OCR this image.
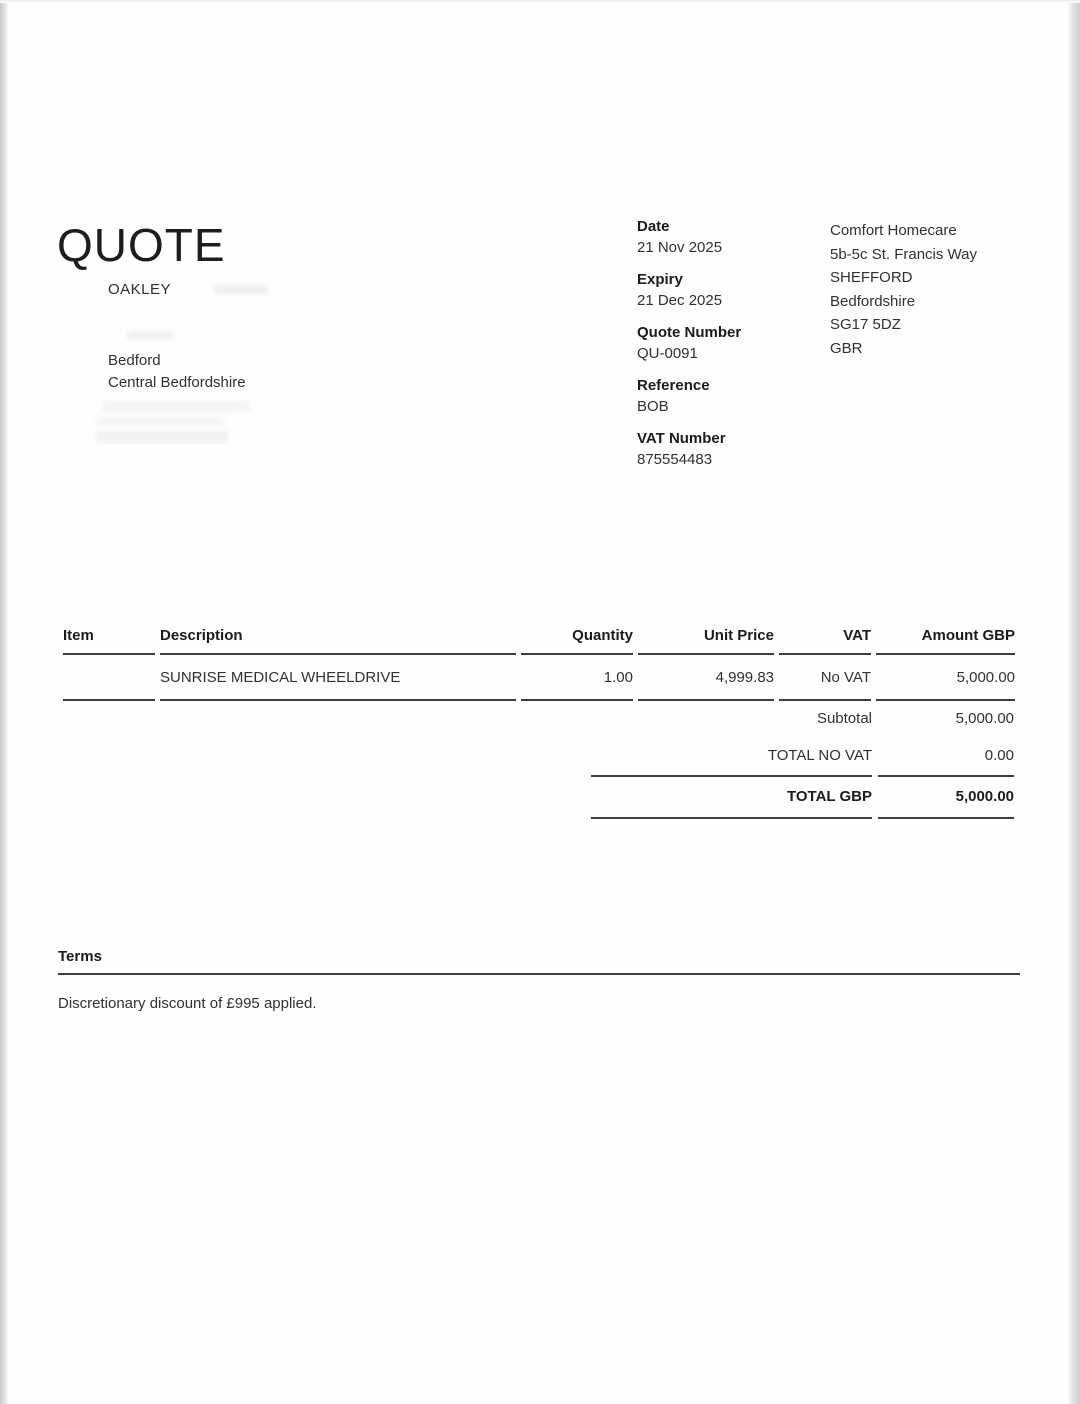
QUOTE
OAKLEY
Bedford
Central Bedfordshire
Date
21 Nov 2025
Expiry
21 Dec 2025
Quote Number
QU-0091
Reference
BOB
VAT Number
875554483
Comfort Homecare
5b-5c St. Francis Way
SHEFFORD
Bedfordshire
SG17 5DZ
GBR
Item	Description	Quantity	Unit Price	VAT	Amount GBP
	SUNRISE MEDICAL WHEELDRIVE	1.00	4,999.83	No VAT	5,000.00
Subtotal	5,000.00
TOTAL NO VAT	0.00
TOTAL GBP	5,000.00
Terms
Discretionary discount of £995 applied.
